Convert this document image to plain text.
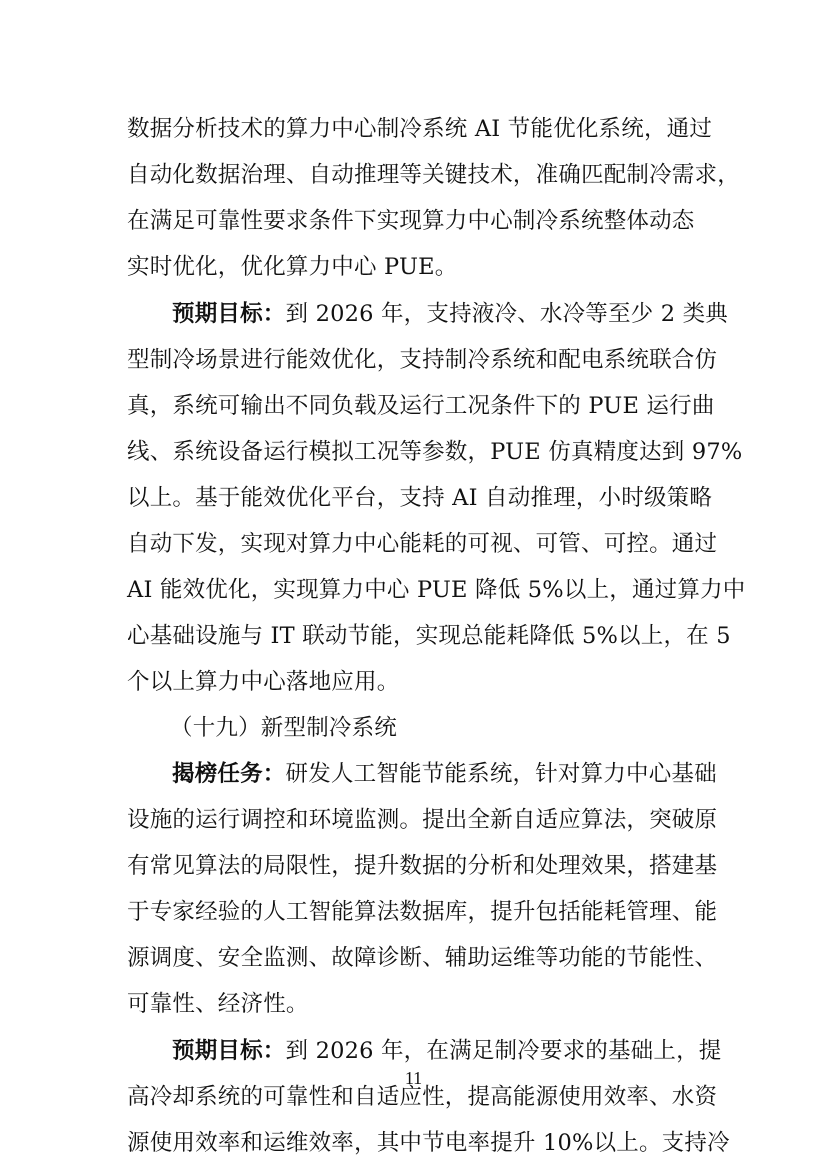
数据分析技术的算力中心制冷系统 AI 节能优化系统，通过
自动化数据治理、自动推理等关键技术，准确匹配制冷需求，
在满足可靠性要求条件下实现算力中心制冷系统整体动态
实时优化，优化算力中心 PUE。
预期目标：到 2026 年，支持液冷、水冷等至少 2 类典
型制冷场景进行能效优化，支持制冷系统和配电系统联合仿
真，系统可输出不同负载及运行工况条件下的 PUE 运行曲
线、系统设备运行模拟工况等参数，PUE 仿真精度达到 97%
以上。基于能效优化平台，支持 AI 自动推理，小时级策略
自动下发，实现对算力中心能耗的可视、可管、可控。通过
AI 能效优化，实现算力中心 PUE 降低 5%以上，通过算力中
心基础设施与 IT 联动节能，实现总能耗降低 5%以上，在 5
个以上算力中心落地应用。
（十九）新型制冷系统
揭榜任务：研发人工智能节能系统，针对算力中心基础
设施的运行调控和环境监测。提出全新自适应算法，突破原
有常见算法的局限性，提升数据的分析和处理效果，搭建基
于专家经验的人工智能算法数据库，提升包括能耗管理、能
源调度、安全监测、故障诊断、辅助运维等功能的节能性、
可靠性、经济性。
预期目标：到 2026 年，在满足制冷要求的基础上，提
高冷却系统的可靠性和自适应性，提高能源使用效率、水资
源使用效率和运维效率，其中节电率提升 10%以上。支持冷
11
